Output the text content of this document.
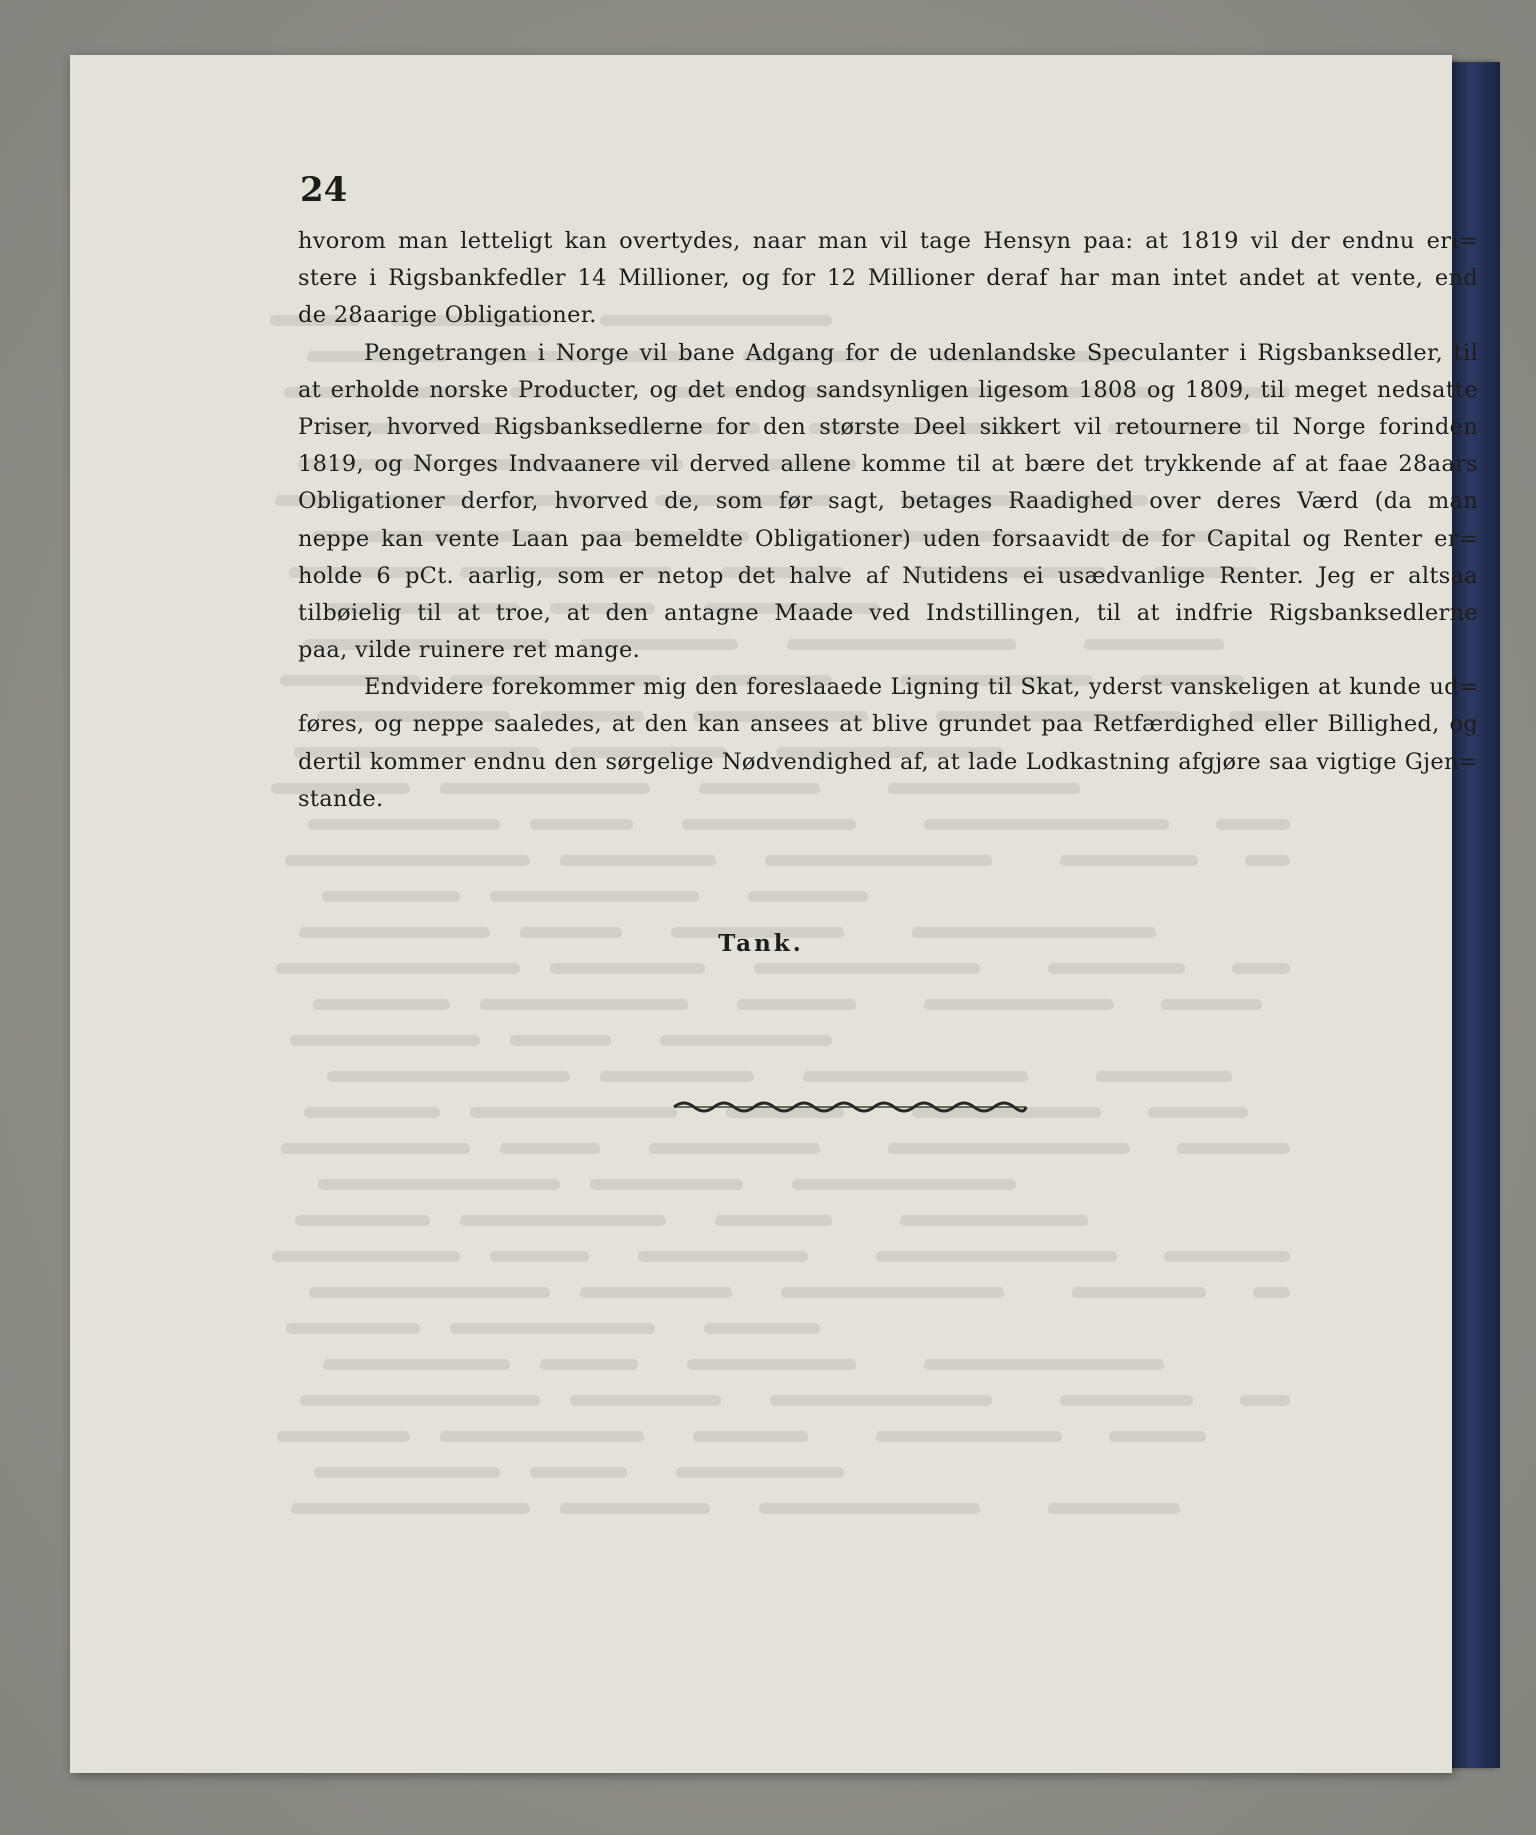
24
hvorom man letteligt kan overtydes, naar man vil tage Hensyn paa: at 1819 vil der endnu eri=
stere i Rigsbankfedler 14 Millioner, og for 12 Millioner deraf har man intet andet at vente, end
de 28aarige Obligationer.
Pengetrangen i Norge vil bane Adgang for de udenlandske Speculanter i Rigsbanksedler, til
at erholde norske Producter, og det endog sandsynligen ligesom 1808 og 1809, til meget nedsatte
Priser, hvorved Rigsbanksedlerne for den største Deel sikkert vil retournere til Norge forinden
1819, og Norges Indvaanere vil derved allene komme til at bære det trykkende af at faae 28aars
Obligationer derfor, hvorved de, som før sagt, betages Raadighed over deres Værd (da man
neppe kan vente Laan paa bemeldte Obligationer) uden forsaavidt de for Capital og Renter er=
holde 6 pCt. aarlig, som er netop det halve af Nutidens ei usædvanlige Renter. Jeg er altsaa
tilbøielig til at troe, at den antagne Maade ved Indstillingen, til at indfrie Rigsbanksedlerne
paa, vilde ruinere ret mange.
Endvidere forekommer mig den foreslaaede Ligning til Skat, yderst vanskeligen at kunde ud=
føres, og neppe saaledes, at den kan ansees at blive grundet paa Retfærdighed eller Billighed, og
dertil kommer endnu den sørgelige Nødvendighed af, at lade Lodkastning afgjøre saa vigtige Gjen=
stande.
Tank.
